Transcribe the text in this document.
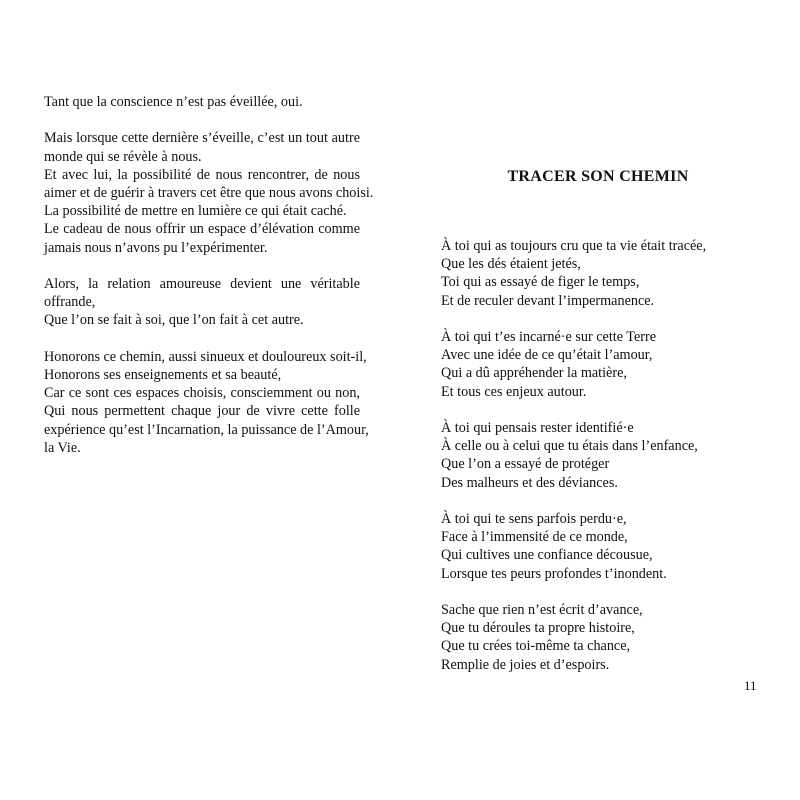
Tant que la conscience n’est pas éveillée, oui.

Mais lorsque cette dernière s’éveille, c’est un tout autre
monde qui se révèle à nous.
Et avec lui, la possibilité de nous rencontrer, de nous
aimer et de guérir à travers cet être que nous avons choisi.
La possibilité de mettre en lumière ce qui était caché.
Le cadeau de nous offrir un espace d’élévation comme
jamais nous n’avons pu l’expérimenter.

Alors, la relation amoureuse devient une véritable
offrande,
Que l’on se fait à soi, que l’on fait à cet autre.

Honorons ce chemin, aussi sinueux et douloureux soit-il,
Honorons ses enseignements et sa beauté,
Car ce sont ces espaces choisis, consciemment ou non,
Qui nous permettent chaque jour de vivre cette folle
expérience qu’est l’Incarnation, la puissance de l’Amour,
la Vie.

TRACER SON CHEMIN

À toi qui as toujours cru que ta vie était tracée,
Que les dés étaient jetés,
Toi qui as essayé de figer le temps,
Et de reculer devant l’impermanence.

À toi qui t’es incarné·e sur cette Terre
Avec une idée de ce qu’était l’amour,
Qui a dû appréhender la matière,
Et tous ces enjeux autour.

À toi qui pensais rester identifié·e
À celle ou à celui que tu étais dans l’enfance,
Que l’on a essayé de protéger
Des malheurs et des déviances.

À toi qui te sens parfois perdu·e,
Face à l’immensité de ce monde,
Qui cultives une confiance décousue,
Lorsque tes peurs profondes t’inondent.

Sache que rien n’est écrit d’avance,
Que tu déroules ta propre histoire,
Que tu crées toi-même ta chance,
Remplie de joies et d’espoirs.

11
